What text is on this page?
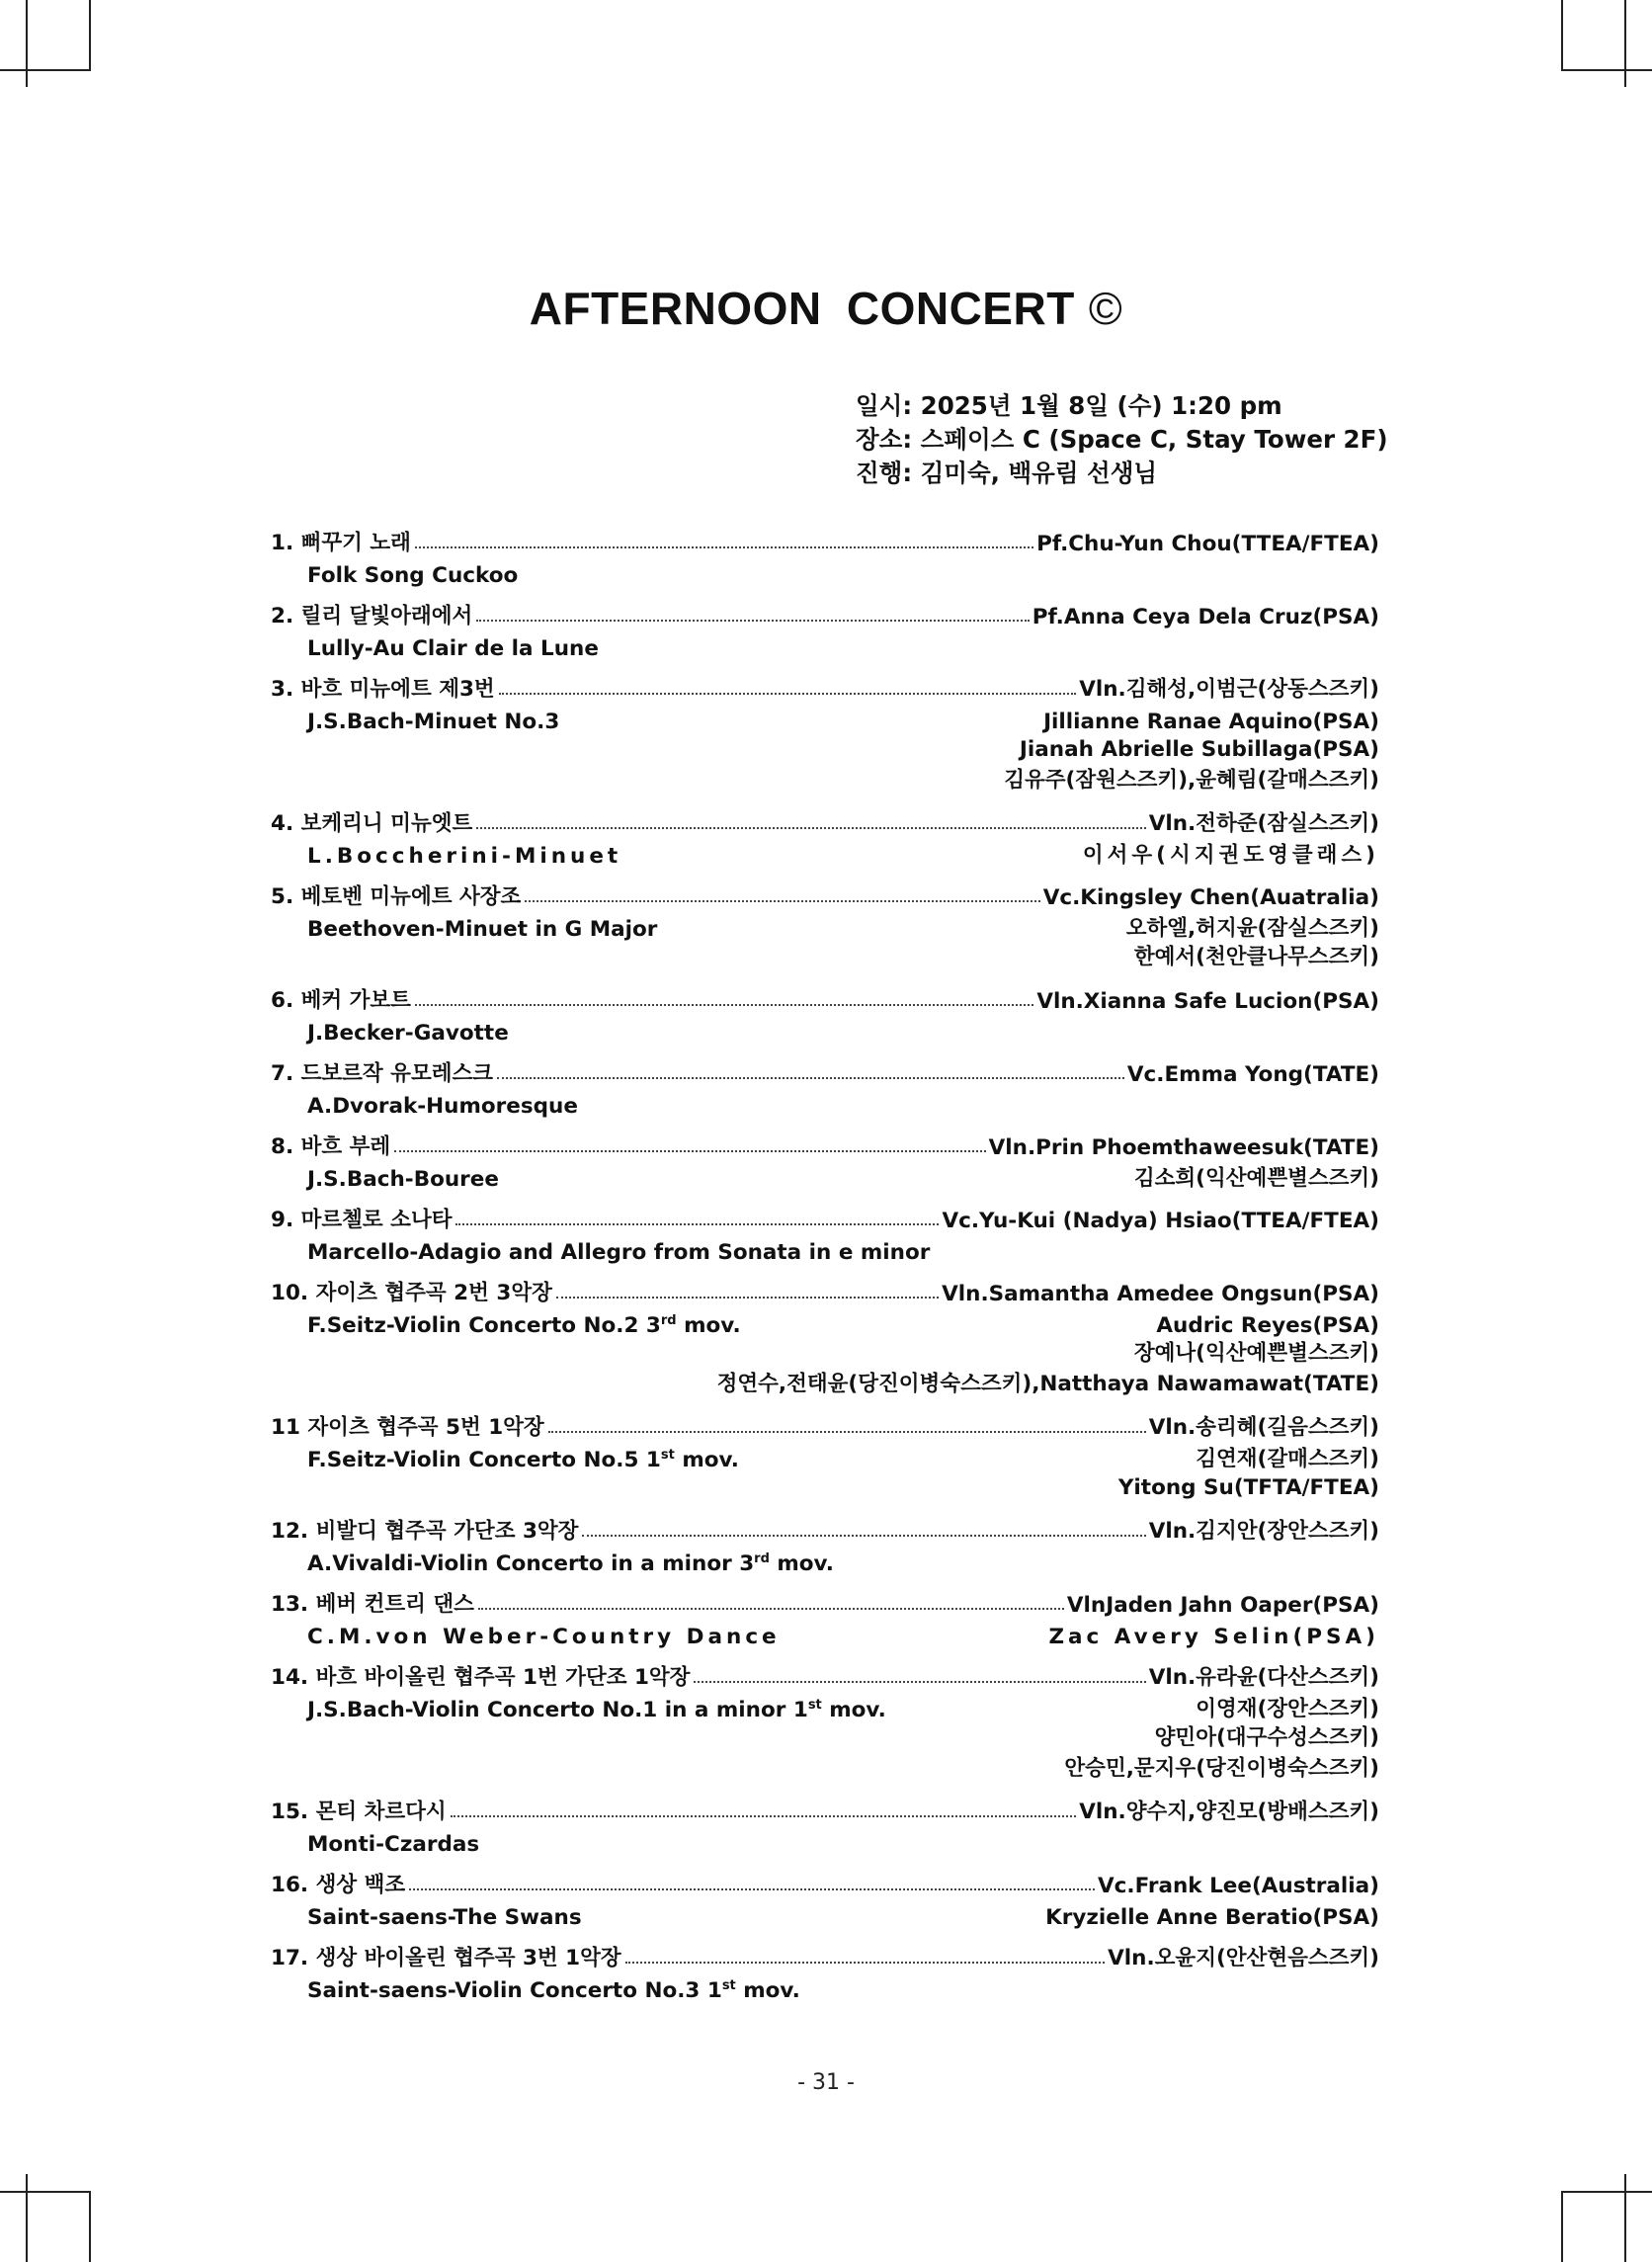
AFTERNOON CONCERT ©
일시: 2025년 1월 8일 (수) 1:20 pm
장소: 스페이스 C (Space C, Stay Tower 2F)
진행: 김미숙, 백유림 선생님
1. 뻐꾸기 노래	Pf.Chu-Yun Chou(TTEA/FTEA)
Folk Song Cuckoo
2. 릴리 달빛아래에서	Pf.Anna Ceya Dela Cruz(PSA)
Lully-Au Clair de la Lune
3. 바흐 미뉴에트 제3번	Vln.김해성,이범근(상동스즈키)
J.S.Bach-Minuet No.3	Jillianne Ranae Aquino(PSA)
Jianah Abrielle Subillaga(PSA)
김유주(잠원스즈키),윤혜림(갈매스즈키)
4. 보케리니 미뉴엣트	Vln.전하준(잠실스즈키)
L.Boccherini-Minuet	이서우(시지권도영클래스)
5. 베토벤 미뉴에트 사장조	Vc.Kingsley Chen(Auatralia)
Beethoven-Minuet in G Major	오하엘,허지윤(잠실스즈키)
한예서(천안클나무스즈키)
6. 베커 가보트	Vln.Xianna Safe Lucion(PSA)
J.Becker-Gavotte
7. 드보르작 유모레스크	Vc.Emma Yong(TATE)
A.Dvorak-Humoresque
8. 바흐 부레	Vln.Prin Phoemthaweesuk(TATE)
J.S.Bach-Bouree	김소희(익산예쁜별스즈키)
9. 마르첼로 소나타	Vc.Yu-Kui (Nadya) Hsiao(TTEA/FTEA)
Marcello-Adagio and Allegro from Sonata in e minor
10. 자이츠 협주곡 2번 3악장	Vln.Samantha Amedee Ongsun(PSA)
F.Seitz-Violin Concerto No.2 3rd mov.	Audric Reyes(PSA)
장예나(익산예쁜별스즈키)
정연수,전태윤(당진이병숙스즈키),Natthaya Nawamawat(TATE)
11 자이츠 협주곡 5번 1악장	Vln.송리혜(길음스즈키)
F.Seitz-Violin Concerto No.5 1st mov.	김연재(갈매스즈키)
Yitong Su(TFTA/FTEA)
12. 비발디 협주곡 가단조 3악장	Vln.김지안(장안스즈키)
A.Vivaldi-Violin Concerto in a minor 3rd mov.
13. 베버 컨트리 댄스	VlnJaden Jahn Oaper(PSA)
C.M.von Weber-Country Dance	Zac Avery Selin(PSA)
14. 바흐 바이올린 협주곡 1번 가단조 1악장	Vln.유라윤(다산스즈키)
J.S.Bach-Violin Concerto No.1 in a minor 1st mov.	이영재(장안스즈키)
양민아(대구수성스즈키)
안승민,문지우(당진이병숙스즈키)
15. 몬티 차르다시	Vln.양수지,양진모(방배스즈키)
Monti-Czardas
16. 생상 백조	Vc.Frank Lee(Australia)
Saint-saens-The Swans	Kryzielle Anne Beratio(PSA)
17. 생상 바이올린 협주곡 3번 1악장	Vln.오윤지(안산현음스즈키)
Saint-saens-Violin Concerto No.3 1st mov.
- 31 -
